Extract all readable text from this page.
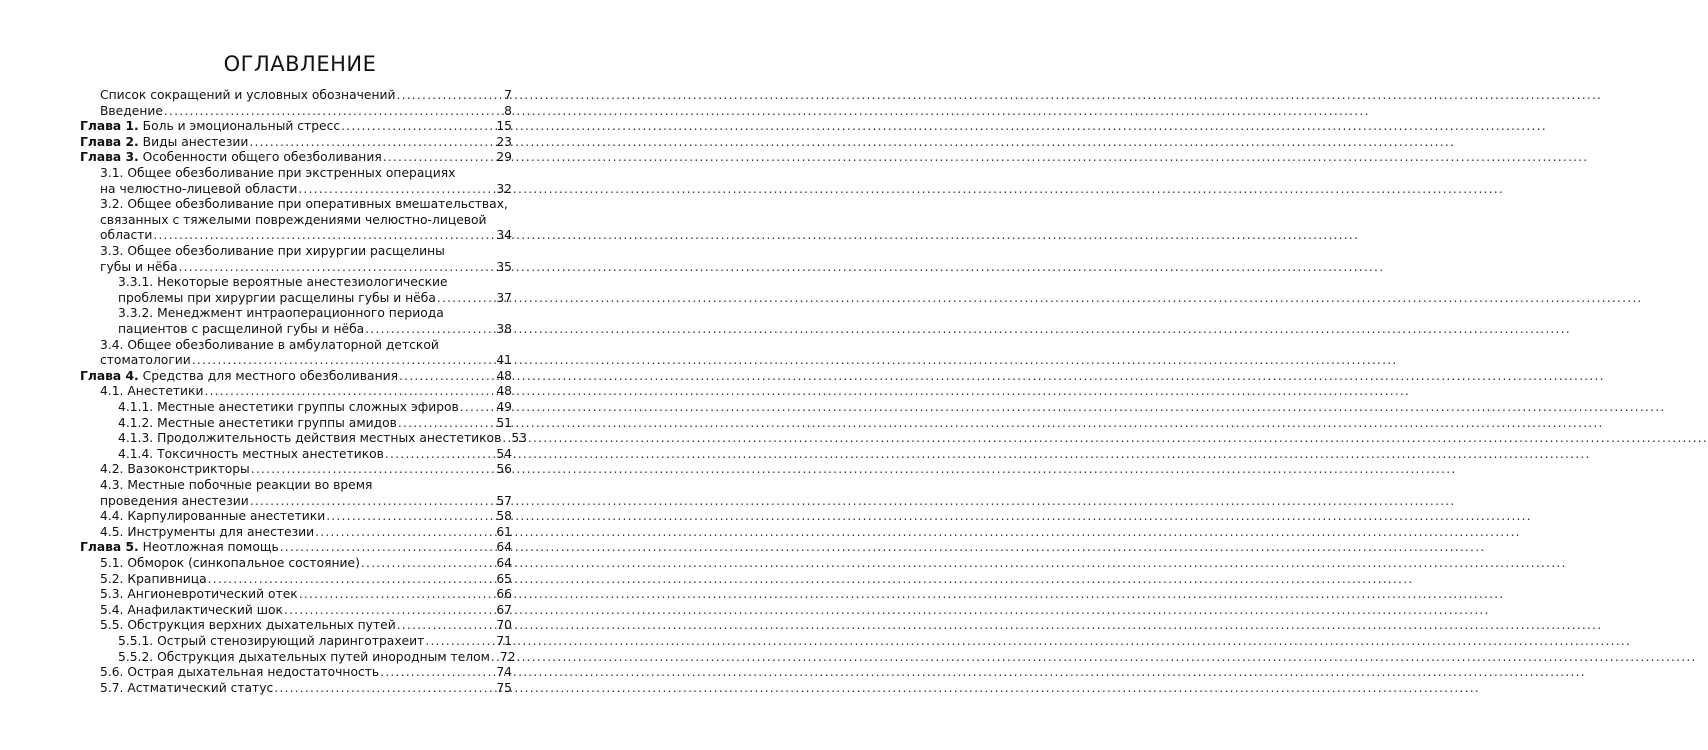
ОГЛАВЛЕНИЕ
Список сокращений и условных обозначений .....	7
Введение .....	8
Глава 1. Боль и эмоциональный стресс .....	15
Глава 2. Виды анестезии .....	23
Глава 3. Особенности общего обезболивания .....	29
3.1. Общее обезболивание при экстренных операциях
на челюстно-лицевой области .....	32
3.2. Общее обезболивание при оперативных вмешательствах,
связанных с тяжелыми повреждениями челюстно-лицевой
области .....	34
3.3. Общее обезболивание при хирургии расщелины
губы и нёба .....	35
3.3.1. Некоторые вероятные анестезиологические
проблемы при хирургии расщелины губы и нёба .....	37
3.3.2. Менеджмент интраоперационного периода
пациентов с расщелиной губы и нёба .....	38
3.4. Общее обезболивание в амбулаторной детской
стоматологии .....	41
Глава 4. Средства для местного обезболивания .....	48
4.1. Анестетики .....	48
4.1.1. Местные анестетики группы сложных эфиров .....	49
4.1.2. Местные анестетики группы амидов .....	51
4.1.3. Продолжительность действия местных анестетиков ..... 53
4.1.4. Токсичность местных анестетиков .....	54
4.2. Вазоконстрикторы .....	56
4.3. Местные побочные реакции во время
проведения анестезии .....	57
4.4. Карпулированные анестетики .....	58
4.5. Инструменты для анестезии .....	61
Глава 5. Неотложная помощь .....	64
5.1. Обморок (синкопальное состояние) .....	64
5.2. Крапивница .....	65
5.3. Ангионевротический отек .....	66
5.4. Анафилактический шок .....	67
5.5. Обструкция верхних дыхательных путей .....	70
5.5.1. Острый стенозирующий ларинготрахеит .....	71
5.5.2. Обструкция дыхательных путей инородным телом ..... 72
5.6. Острая дыхательная недостаточность .....	74
5.7. Астматический статус .....	75
